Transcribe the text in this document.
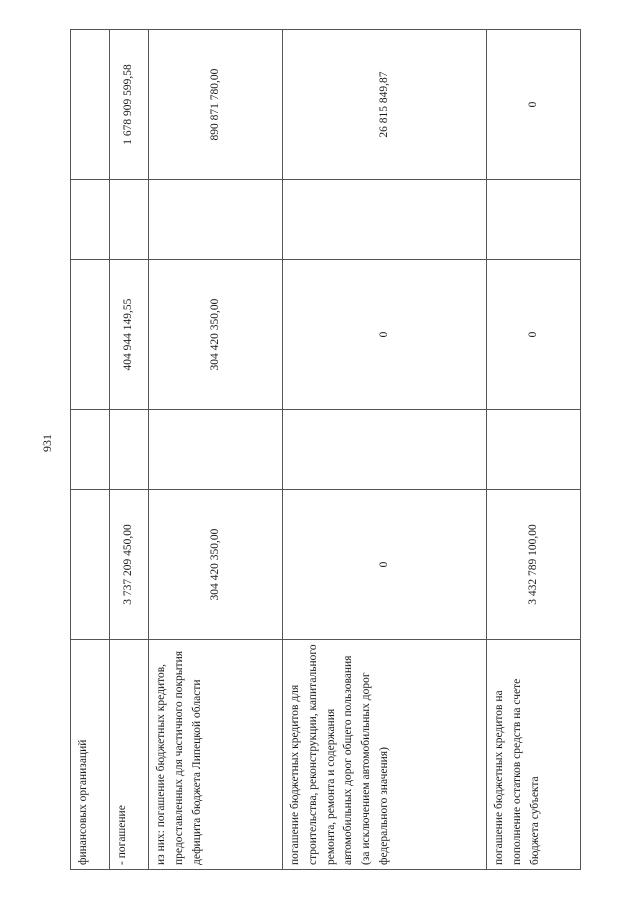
931
финансовых организаций					
- погашение	3 737 209 450,00		404 944 149,55		1 678 909 599,58
из них: погашение бюджетных кредитов, предоставленных для частичного покрытия дефицита бюджета Липецкой области	304 420 350,00		304 420 350,00		890 871 780,00
погашение бюджетных кредитов для строительства, реконструкции, капитального ремонта, ремонта и содержания автомобильных дорог общего пользования (за исключением автомобильных дорог федерального значения)	0		0		26 815 849,87
погашение бюджетных кредитов на пополнение остатков средств на счете бюджета субъекта	3 432 789 100,00		0		0
